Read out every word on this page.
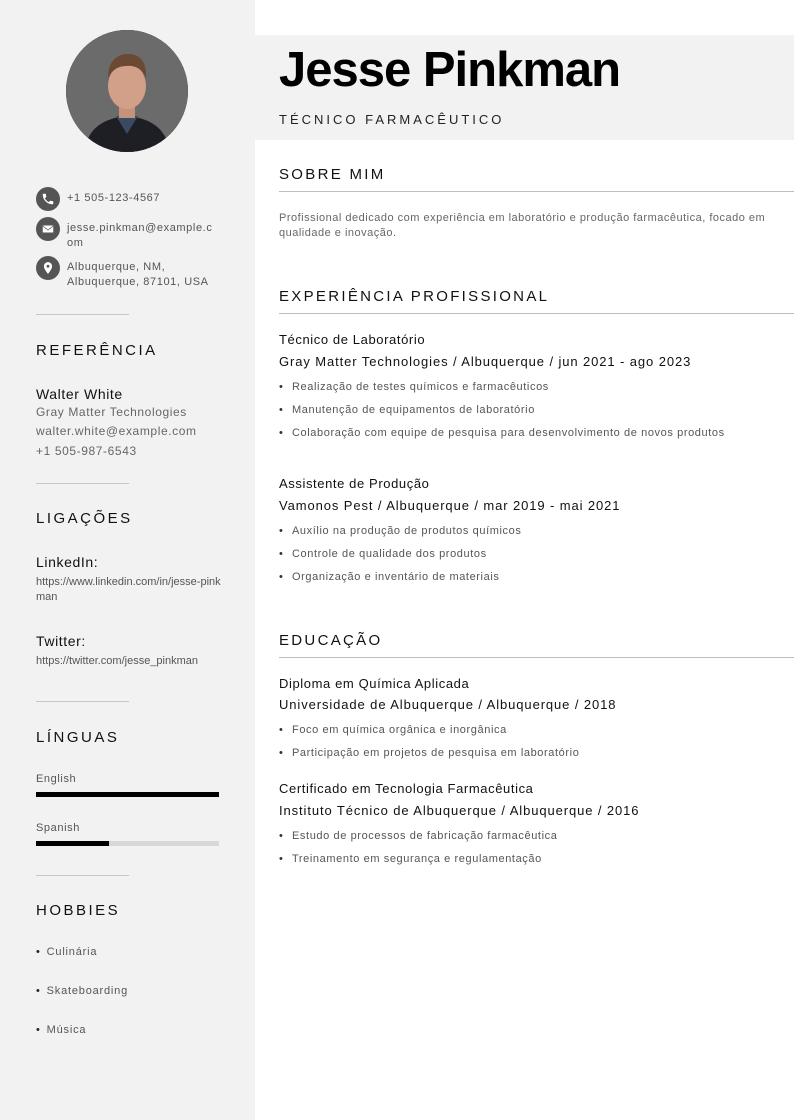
+1 505-123-4567
jesse.pinkman@example.com
Albuquerque, NM, Albuquerque, 87101, USA
REFERÊNCIA
Walter White
Gray Matter Technologies
walter.white@example.com
+1 505-987-6543
LIGAÇÕES
LinkedIn:
https://www.linkedin.com/in/jesse-pinkman
Twitter:
https://twitter.com/jesse_pinkman
LÍNGUAS
English
Spanish
HOBBIES
• Culinária
• Skateboarding
• Música
Jesse Pinkman
TÉCNICO FARMACÊUTICO
SOBRE MIM
Profissional dedicado com experiência em laboratório e produção farmacêutica, focado em qualidade e inovação.
EXPERIÊNCIA PROFISSIONAL
Técnico de Laboratório
Gray Matter Technologies / Albuquerque / jun 2021 - ago 2023
• Realização de testes químicos e farmacêuticos
• Manutenção de equipamentos de laboratório
• Colaboração com equipe de pesquisa para desenvolvimento de novos produtos
Assistente de Produção
Vamonos Pest / Albuquerque / mar 2019 - mai 2021
• Auxílio na produção de produtos químicos
• Controle de qualidade dos produtos
• Organização e inventário de materiais
EDUCAÇÃO
Diploma em Química Aplicada
Universidade de Albuquerque / Albuquerque / 2018
• Foco em química orgânica e inorgânica
• Participação em projetos de pesquisa em laboratório
Certificado em Tecnologia Farmacêutica
Instituto Técnico de Albuquerque / Albuquerque / 2016
• Estudo de processos de fabricação farmacêutica
• Treinamento em segurança e regulamentação
